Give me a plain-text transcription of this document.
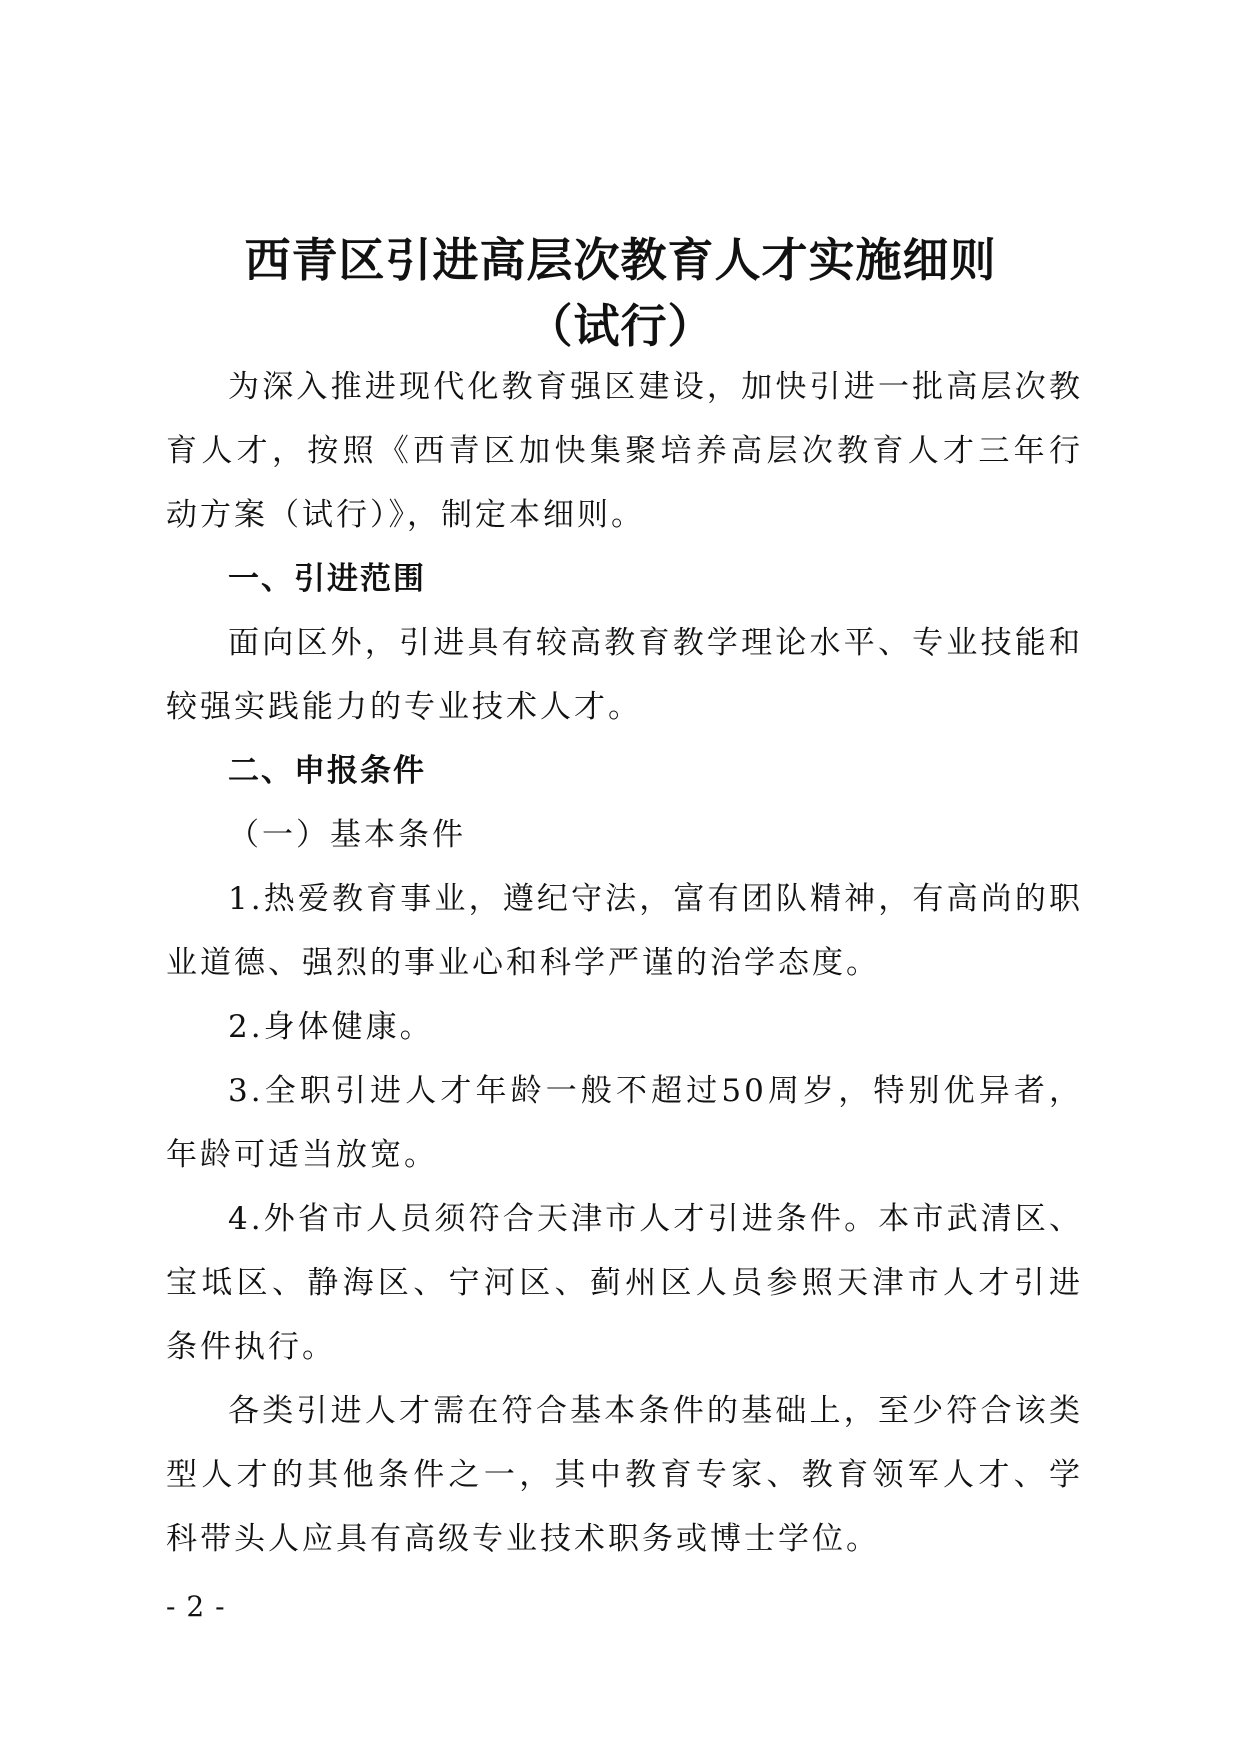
西青区引进高层次教育人才实施细则
（试行）

为深入推进现代化教育强区建设，加快引进一批高层次教育人才，按照《西青区加快集聚培养高层次教育人才三年行动方案（试行）》，制定本细则。

一、引进范围

面向区外，引进具有较高教育教学理论水平、专业技能和较强实践能力的专业技术人才。

二、申报条件

（一）基本条件

1.热爱教育事业，遵纪守法，富有团队精神，有高尚的职业道德、强烈的事业心和科学严谨的治学态度。

2.身体健康。

3.全职引进人才年龄一般不超过50周岁，特别优异者，年龄可适当放宽。

4.外省市人员须符合天津市人才引进条件。本市武清区、宝坻区、静海区、宁河区、蓟州区人员参照天津市人才引进条件执行。

各类引进人才需在符合基本条件的基础上，至少符合该类型人才的其他条件之一，其中教育专家、教育领军人才、学科带头人应具有高级专业技术职务或博士学位。

- 2 -
